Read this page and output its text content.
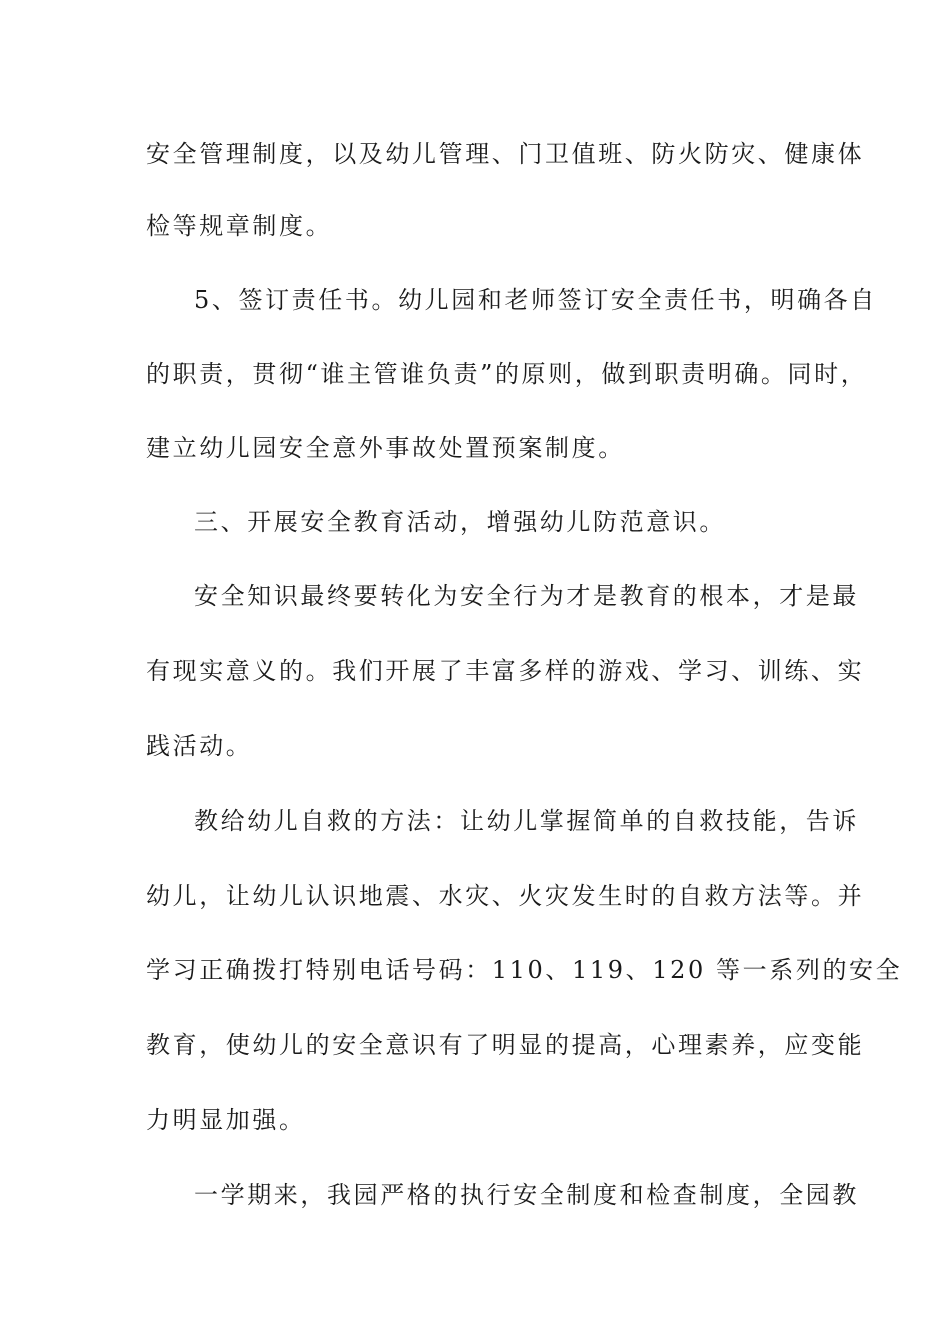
安全管理制度，以及幼儿管理、门卫值班、防火防灾、健康体

检等规章制度。

5、签订责任书。幼儿园和老师签订安全责任书，明确各自

的职责，贯彻“谁主管谁负责”的原则，做到职责明确。同时，

建立幼儿园安全意外事故处置预案制度。

三、开展安全教育活动，增强幼儿防范意识。

安全知识最终要转化为安全行为才是教育的根本，才是最

有现实意义的。我们开展了丰富多样的游戏、学习、训练、实

践活动。

教给幼儿自救的方法：让幼儿掌握简单的自救技能，告诉

幼儿，让幼儿认识地震、水灾、火灾发生时的自救方法等。并

学习正确拨打特别电话号码：110、119、120 等一系列的安全

教育，使幼儿的安全意识有了明显的提高，心理素养，应变能

力明显加强。

一学期来，我园严格的执行安全制度和检查制度，全园教
